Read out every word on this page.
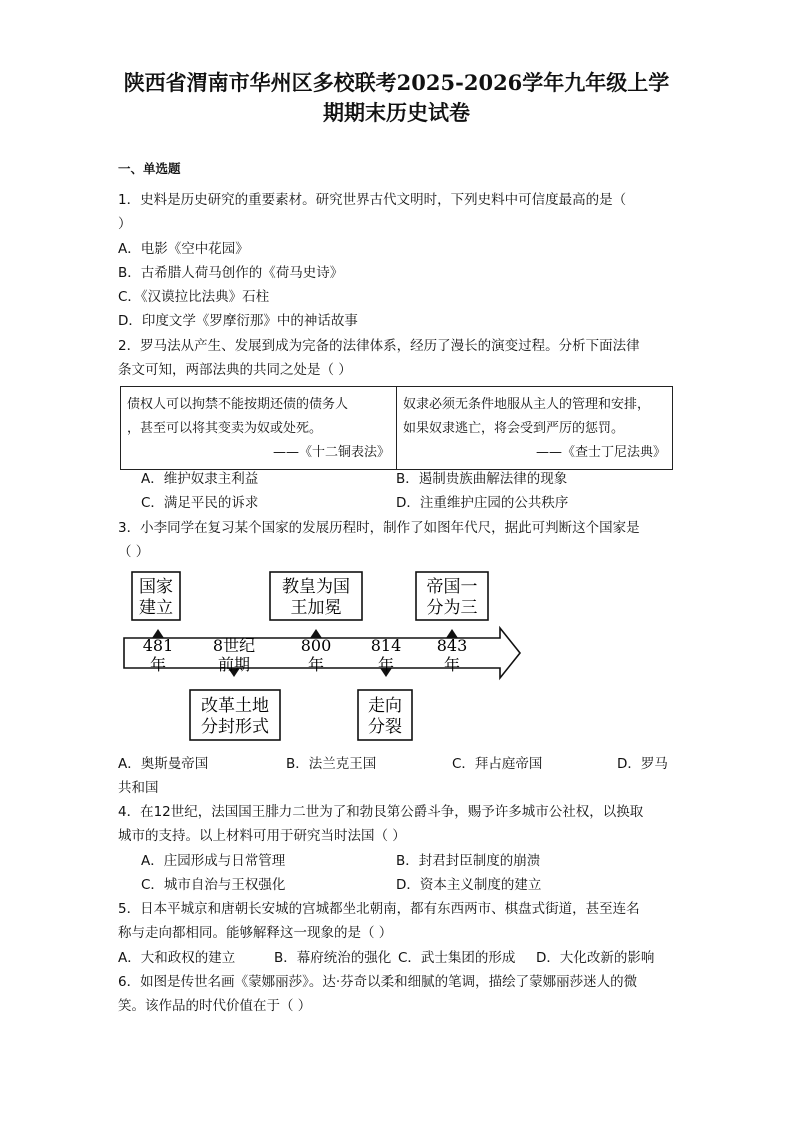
陕西省渭南市华州区多校联考2025-2026学年九年级上学
期期末历史试卷
一、单选题
1．史料是历史研究的重要素材。研究世界古代文明时，下列史料中可信度最高的是（
）
A．电影《空中花园》
B．古希腊人荷马创作的《荷马史诗》
C．《汉谟拉比法典》石柱
D．印度文学《罗摩衍那》中的神话故事
2．罗马法从产生、发展到成为完备的法律体系，经历了漫长的演变过程。分析下面法律
条文可知，两部法典的共同之处是（ ）
债权人可以拘禁不能按期还债的债务人
，甚至可以将其变卖为奴或处死。
——《十二铜表法》

奴隶必须无条件地服从主人的管理和安排，
如果奴隶逃亡，将会受到严厉的惩罚。
——《查士丁尼法典》
A．维护奴隶主利益	B．遏制贵族曲解法律的现象
C．满足平民的诉求	D．注重维护庄园的公共秩序
3．小李同学在复习某个国家的发展历程时，制作了如图年代尺，据此可判断这个国家是
（ ）
国家
建立
教皇为国
王加冕
帝国一
分为三
481
年
8世纪
前期
800
年
814
年
843
年
改革土地
分封形式
走向
分裂
A．奥斯曼帝国	B．法兰克王国	C．拜占庭帝国	D．罗马
共和国
4．在12世纪，法国国王腓力二世为了和勃艮第公爵斗争，赐予许多城市公社权，以换取
城市的支持。以上材料可用于研究当时法国（ ）
A．庄园形成与日常管理	B．封君封臣制度的崩溃
C．城市自治与王权强化	D．资本主义制度的建立
5．日本平城京和唐朝长安城的宫城都坐北朝南，都有东西两市、棋盘式街道，甚至连名
称与走向都相同。能够解释这一现象的是（ ）
A．大和政权的建立	B．幕府统治的强化 C．武士集团的形成 D．大化改新的影响
6．如图是传世名画《蒙娜丽莎》。达·芬奇以柔和细腻的笔调，描绘了蒙娜丽莎迷人的微
笑。该作品的时代价值在于（ ）
